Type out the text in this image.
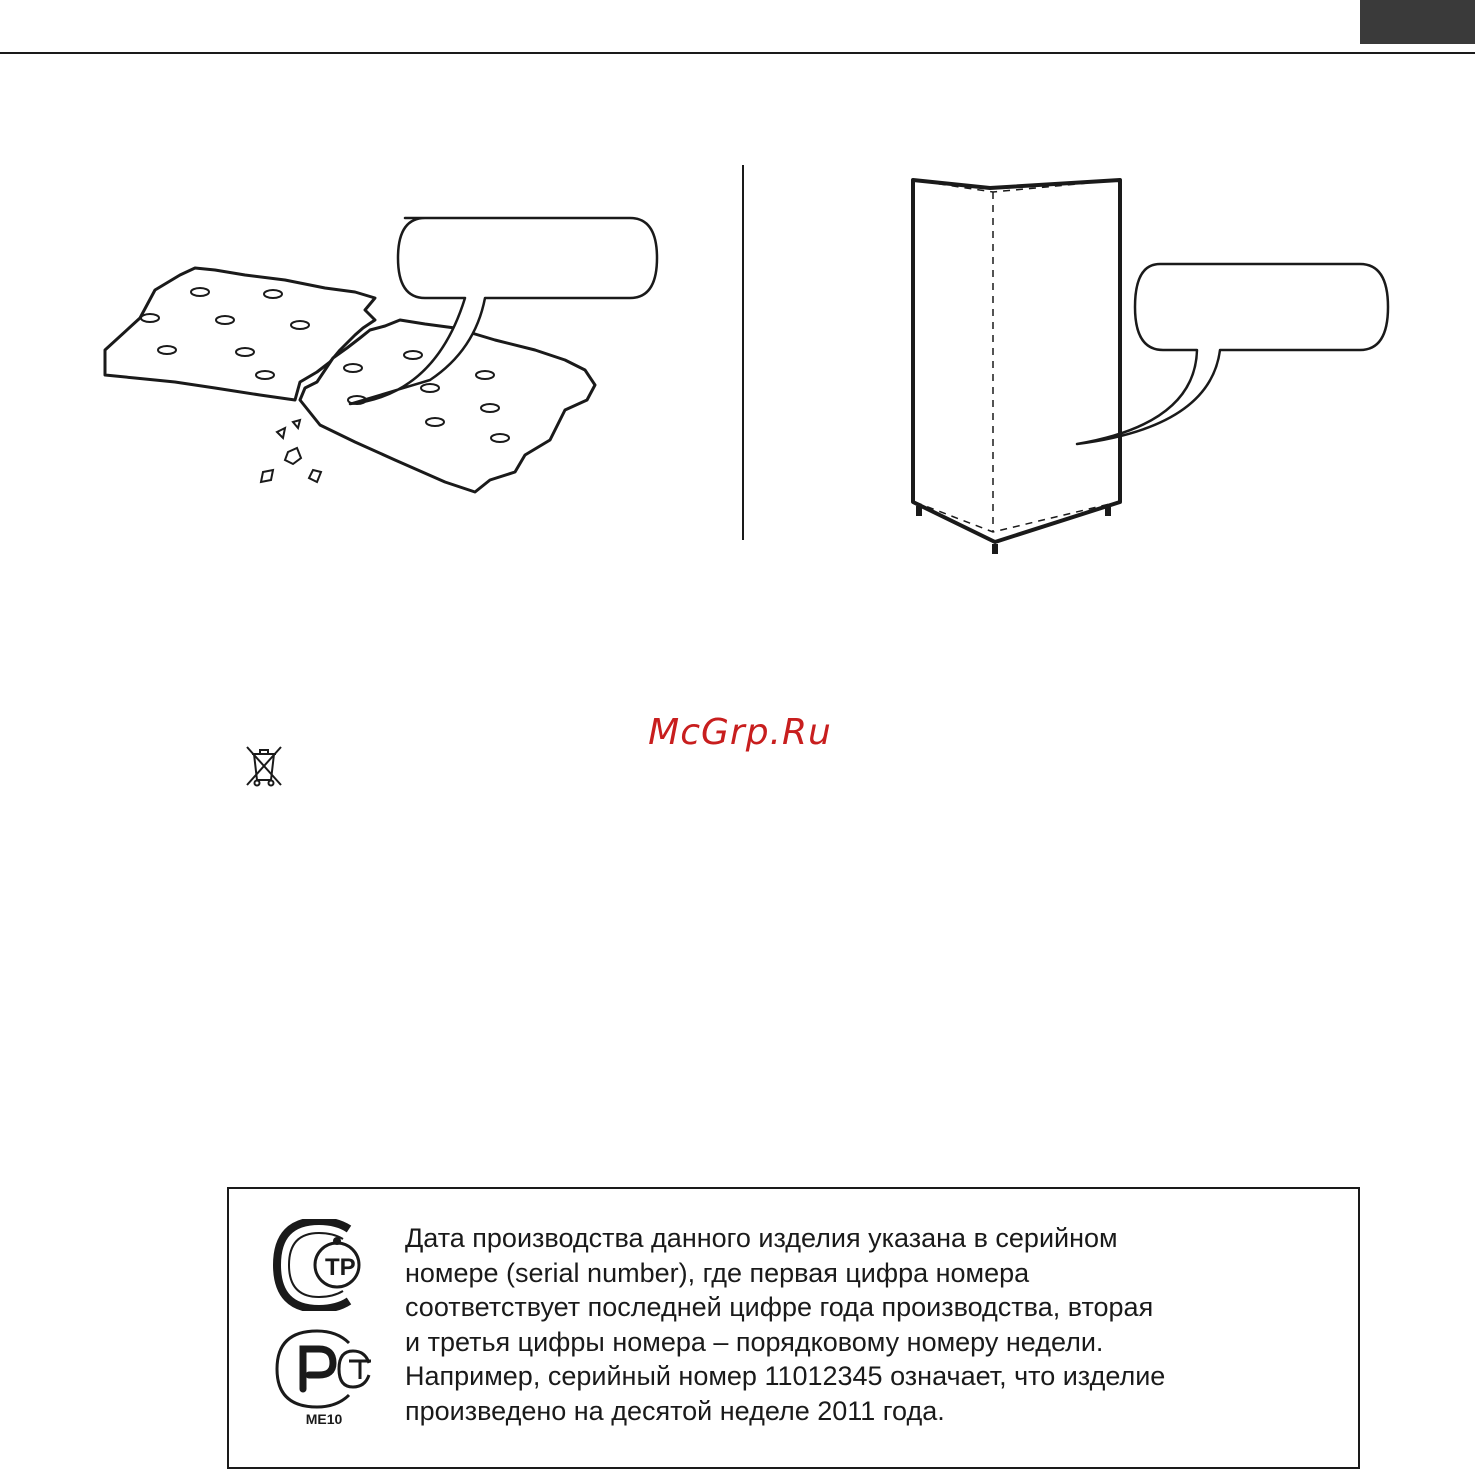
McGrp.Ru
ТР
ME10
Дата производства данного изделия указана в серийном
номере (serial number), где первая цифра номера
соответствует последней цифре года производства, вторая
и третья цифры номера – порядковому номеру недели.
Например, серийный номер 11012345 означает, что изделие
произведено на десятой неделе 2011 года.
